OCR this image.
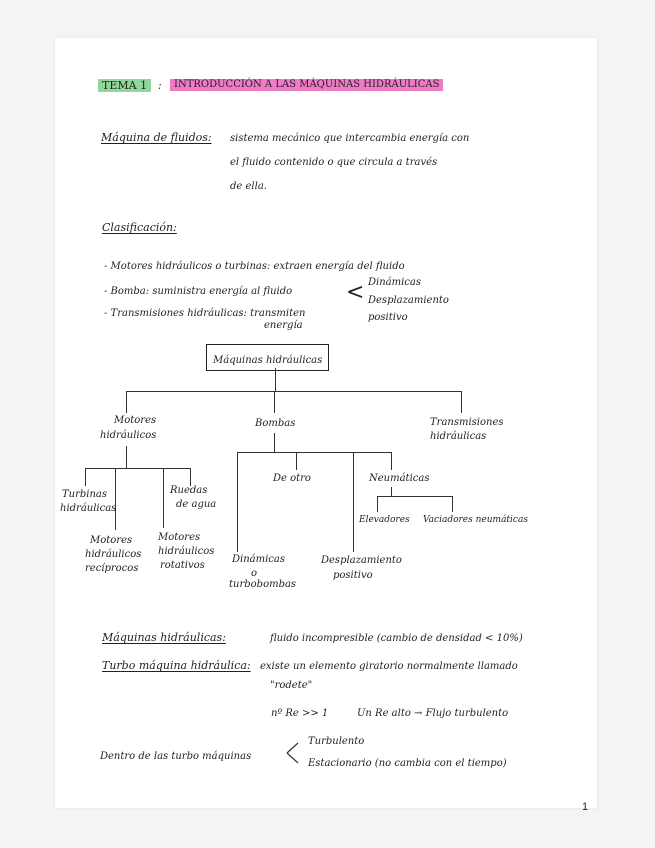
TEMA 1 :	INTRODUCCIÓN A LAS MÁQUINAS HIDRÁULICAS
Máquina de fluidos: sistema mecánico que intercambia energía con
el fluido contenido o que circula a través
de ella.
Clasificación:
- Motores hidráulicos o turbinas: extraen energía del fluido
- Bomba: suministra energía al fluido < Dinámicas
Desplazamiento
positivo
- Transmisiones hidráulicas: transmiten
energía
Máquinas hidráulicas
Motores
hidráulicos
Bombas	Transmisiones
hidráulicas
Turbinas
hidráulicas
Ruedas
de agua
Motores
hidráulicos
recíprocos
Motores
hidráulicos
rotativos
De otro	Neumáticas
Elevadores Vaciadores neumáticas
Dinámicas
o
turbobombas
Desplazamiento
positivo
Máquinas hidráulicas:	fluido incompresible (cambio de densidad < 10%)
Turbo máquina hidráulica: existe un elemento giratorio normalmente llamado
"rodete"
nº Re >> 1	Un Re alto → Flujo turbulento
Dentro de las turbo máquinas
Turbulento
Estacionario (no cambia con el tiempo)
1
